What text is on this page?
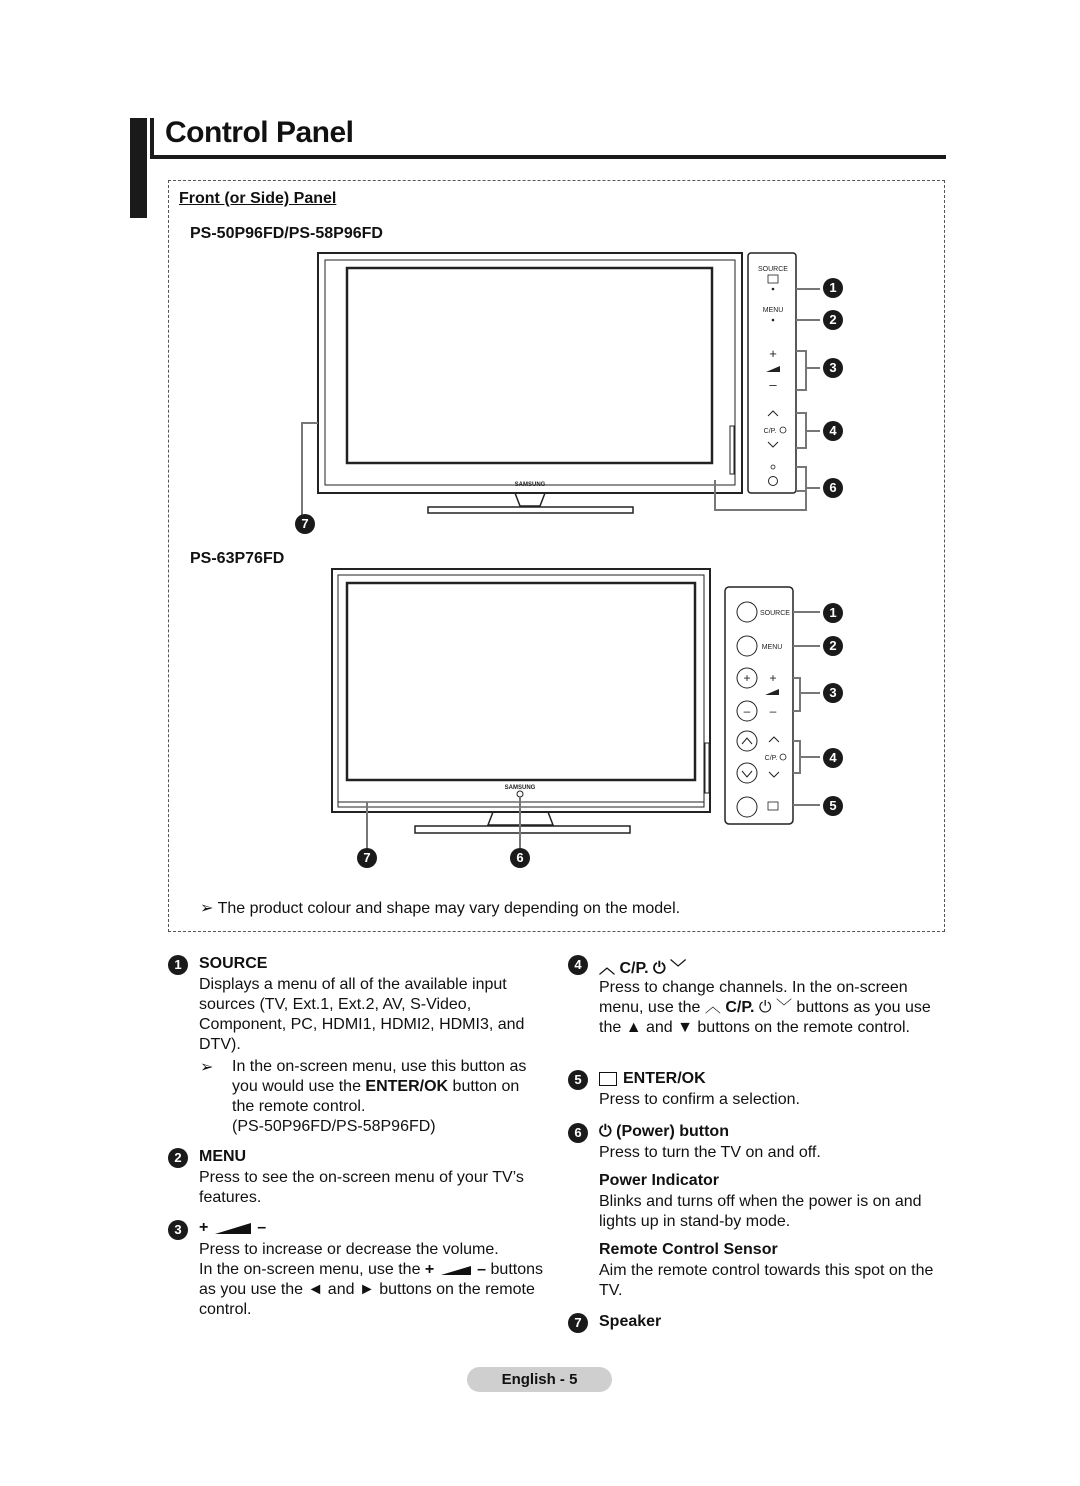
Control Panel
Front (or Side) Panel
PS-50P96FD/PS-58P96FD
PS-63P76FD
SAMSUNG
SOURCE
MENU
+
–
C/P.
1
2
3
4
6
7
SAMSUNG
SOURCE
MENU
+ +
– –
C/P.
1
2
3
4
5
7	6
➢ The product colour and shape may vary depending on the model.
1	SOURCE
Displays a menu of all of the available input sources (TV, Ext.1, Ext.2, AV, S-Video, Component, PC, HDMI1, HDMI2, HDMI3, and DTV).
➢ In the on-screen menu, use this button as you would use the ENTER/OK button on the remote control.
(PS-50P96FD/PS-58P96FD)
2	MENU
Press to see the on-screen menu of your TV’s features.
3	+	–
Press to increase or decrease the volume.
In the on-screen menu, use the +	– buttons as you use the ◄ and ► buttons on the remote control.
4	︿ C/P. ⏻ ﹀
Press to change channels. In the on-screen menu, use the ︿ C/P. ⏻ ﹀ buttons as you use the ▲ and ▼ buttons on the remote control.
5	ENTER/OK
Press to confirm a selection.
6	⏻ (Power) button
Press to turn the TV on and off.
Power Indicator
Blinks and turns off when the power is on and lights up in stand-by mode.
Remote Control Sensor
Aim the remote control towards this spot on the TV.
7	Speaker
English - 5
